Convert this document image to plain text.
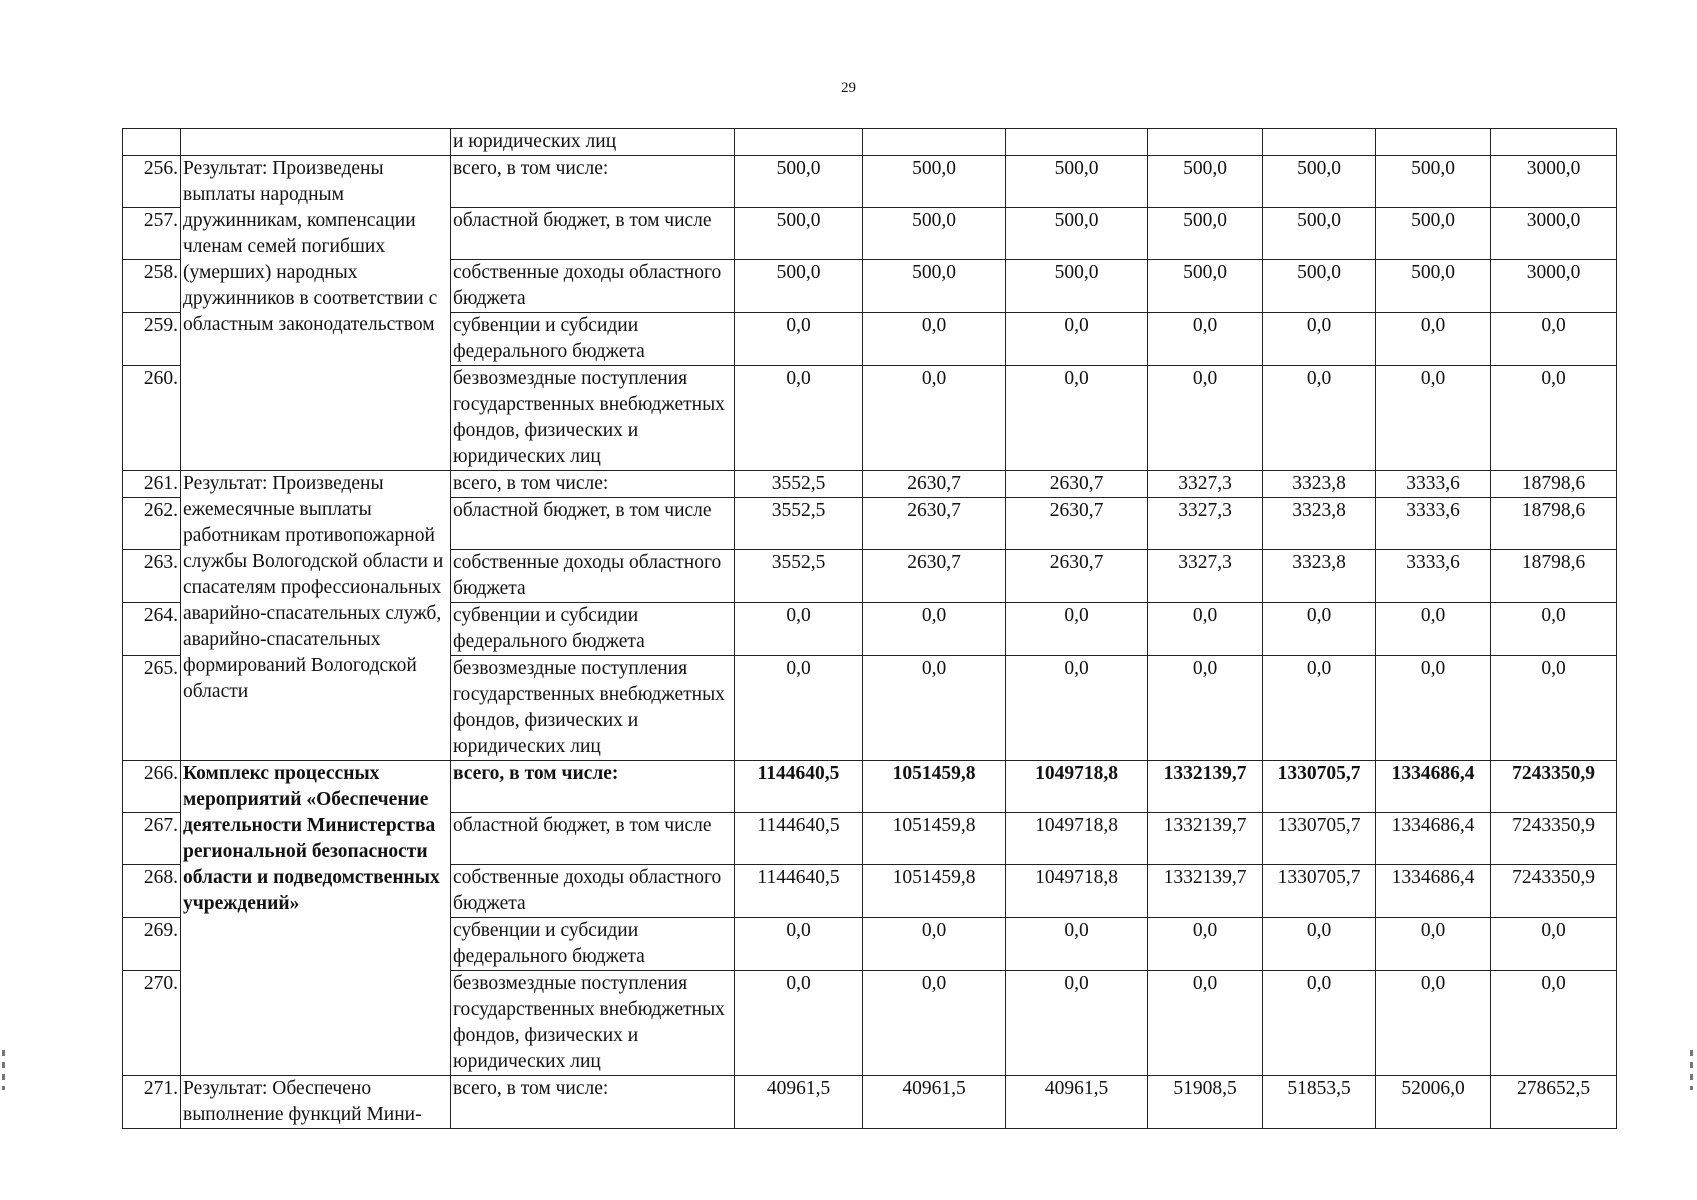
29
		и юридических лиц							
256.	Результат: Произведены выплаты народным дружинникам, компенсации членам семей погибших (умерших) народных дружинников в соответствии с областным законодательством	всего, в том числе:	500,0	500,0	500,0	500,0	500,0	500,0	3000,0
257.		областной бюджет, в том числе	500,0	500,0	500,0	500,0	500,0	500,0	3000,0
258.		собственные доходы областного бюджета	500,0	500,0	500,0	500,0	500,0	500,0	3000,0
259.		субвенции и субсидии федерального бюджета	0,0	0,0	0,0	0,0	0,0	0,0	0,0
260.		безвозмездные поступления государственных внебюджетных фондов, физических и юридических лиц	0,0	0,0	0,0	0,0	0,0	0,0	0,0
261.	Результат: Произведены ежемесячные выплаты работникам противопожарной службы Вологодской области и спасателям профессиональных аварийно-спасательных служб, аварийно-спасательных формирований Вологодской области	всего, в том числе:	3552,5	2630,7	2630,7	3327,3	3323,8	3333,6	18798,6
262.		областной бюджет, в том числе	3552,5	2630,7	2630,7	3327,3	3323,8	3333,6	18798,6
263.		собственные доходы областного бюджета	3552,5	2630,7	2630,7	3327,3	3323,8	3333,6	18798,6
264.		субвенции и субсидии федерального бюджета	0,0	0,0	0,0	0,0	0,0	0,0	0,0
265.		безвозмездные поступления государственных внебюджетных фондов, физических и юридических лиц	0,0	0,0	0,0	0,0	0,0	0,0	0,0
266.	Комплекс процессных мероприятий «Обеспечение деятельности Министерства региональной безопасности области и подведомственных учреждений»	всего, в том числе:	1144640,5	1051459,8	1049718,8	1332139,7	1330705,7	1334686,4	7243350,9
267.		областной бюджет, в том числе	1144640,5	1051459,8	1049718,8	1332139,7	1330705,7	1334686,4	7243350,9
268.		собственные доходы областного бюджета	1144640,5	1051459,8	1049718,8	1332139,7	1330705,7	1334686,4	7243350,9
269.		субвенции и субсидии федерального бюджета	0,0	0,0	0,0	0,0	0,0	0,0	0,0
270.		безвозмездные поступления государственных внебюджетных фондов, физических и юридических лиц	0,0	0,0	0,0	0,0	0,0	0,0	0,0
271.	Результат: Обеспечено выполнение функций Мини-	всего, в том числе:	40961,5	40961,5	40961,5	51908,5	51853,5	52006,0	278652,5
